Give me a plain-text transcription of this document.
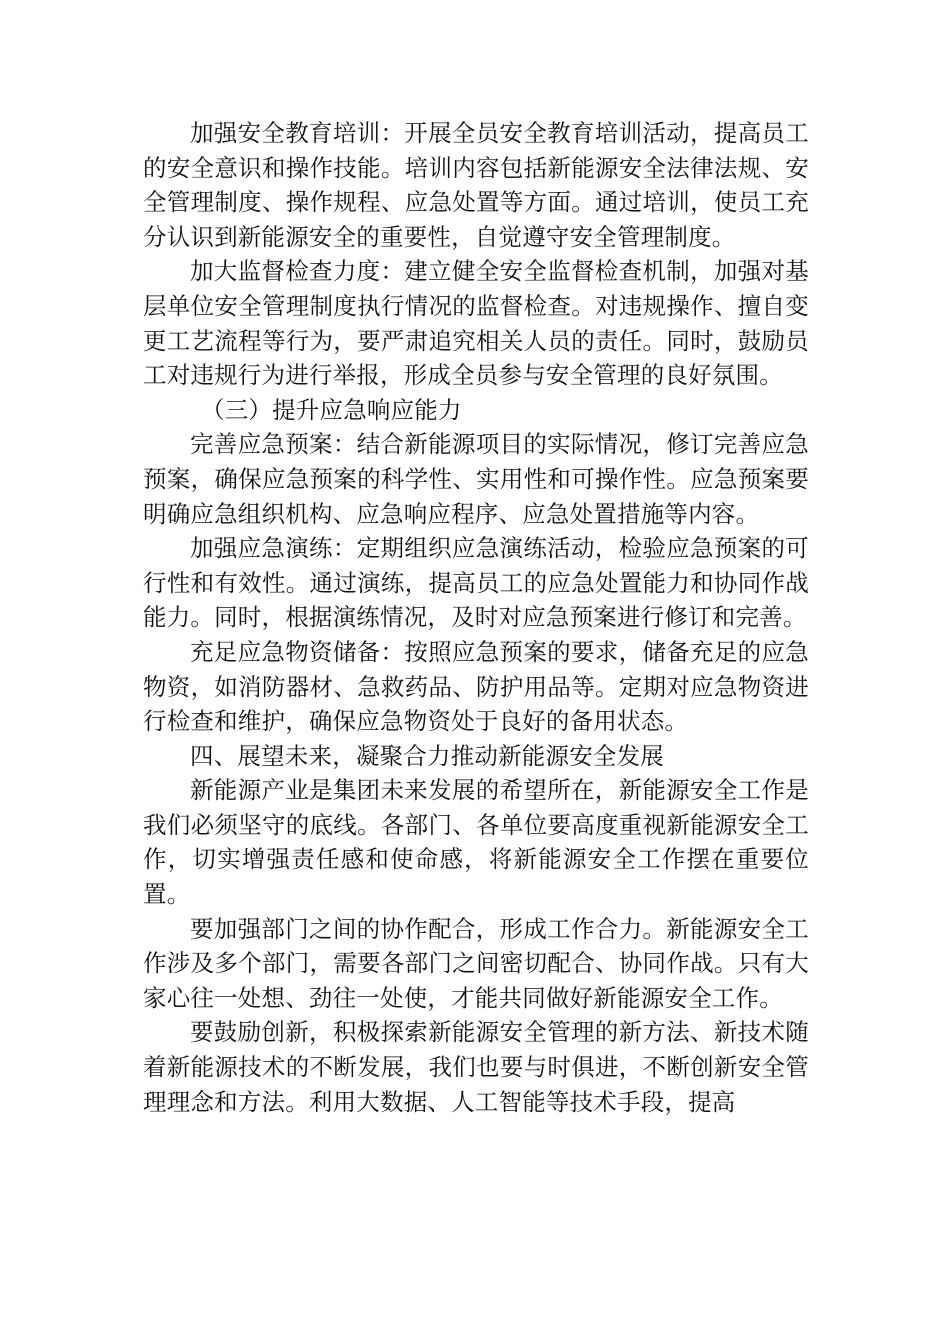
加强安全教育培训：开展全员安全教育培训活动，提高员工的安全意识和操作技能。培训内容包括新能源安全法律法规、安全管理制度、操作规程、应急处置等方面。通过培训，使员工充分认识到新能源安全的重要性，自觉遵守安全管理制度。

加大监督检查力度：建立健全安全监督检查机制，加强对基层单位安全管理制度执行情况的监督检查。对违规操作、擅自变更工艺流程等行为，要严肃追究相关人员的责任。同时，鼓励员工对违规行为进行举报，形成全员参与安全管理的良好氛围。

（三）提升应急响应能力

完善应急预案：结合新能源项目的实际情况，修订完善应急预案，确保应急预案的科学性、实用性和可操作性。应急预案要明确应急组织机构、应急响应程序、应急处置措施等内容。

加强应急演练：定期组织应急演练活动，检验应急预案的可行性和有效性。通过演练，提高员工的应急处置能力和协同作战能力。同时，根据演练情况，及时对应急预案进行修订和完善。

充足应急物资储备：按照应急预案的要求，储备充足的应急物资，如消防器材、急救药品、防护用品等。定期对应急物资进行检查和维护，确保应急物资处于良好的备用状态。

四、展望未来，凝聚合力推动新能源安全发展

新能源产业是集团未来发展的希望所在，新能源安全工作是我们必须坚守的底线。各部门、各单位要高度重视新能源安全工作，切实增强责任感和使命感，将新能源安全工作摆在重要位置。

要加强部门之间的协作配合，形成工作合力。新能源安全工作涉及多个部门，需要各部门之间密切配合、协同作战。只有大家心往一处想、劲往一处使，才能共同做好新能源安全工作。

要鼓励创新，积极探索新能源安全管理的新方法、新技术随着新能源技术的不断发展，我们也要与时俱进，不断创新安全管理理念和方法。利用大数据、人工智能等技术手段，提高
